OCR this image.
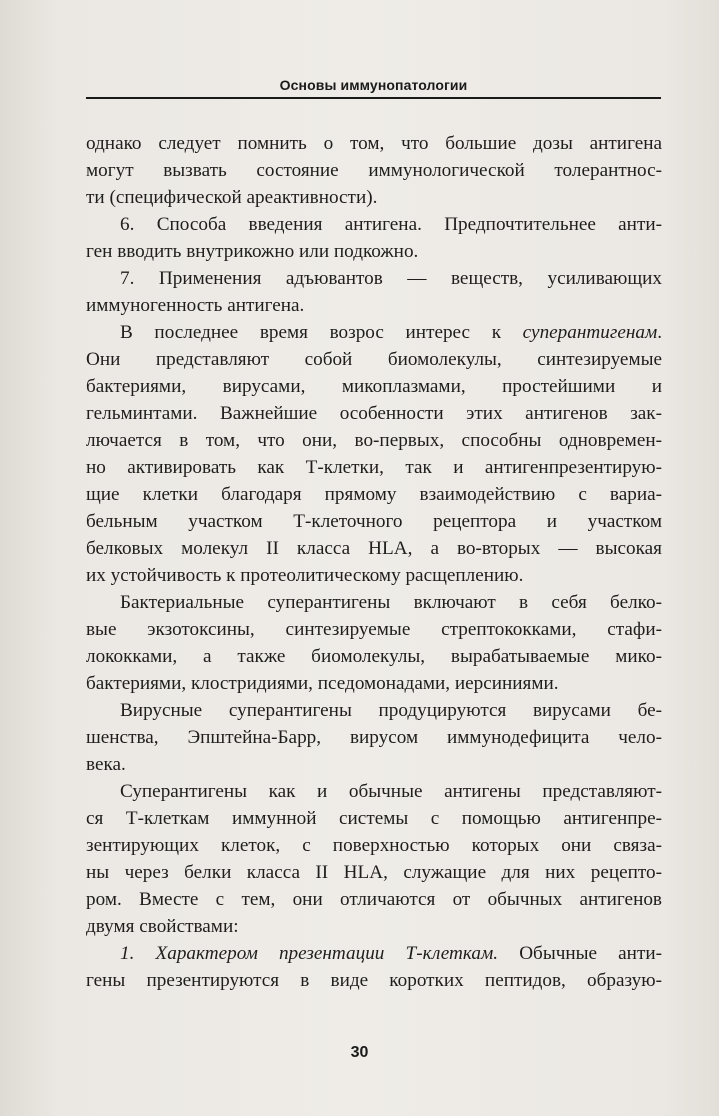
Основы иммунопатологии
однако следует помнить о том, что большие дозы антигена
могут вызвать состояние иммунологической толерантнос-
ти (специфической ареактивности).
6. Способа введения антигена. Предпочтительнее анти-
ген вводить внутрикожно или подкожно.
7. Применения адъювантов — веществ, усиливающих
иммуногенность антигена.
В последнее время возрос интерес к суперантигенам.
Они представляют собой биомолекулы, синтезируемые
бактериями, вирусами, микоплазмами, простейшими и
гельминтами. Важнейшие особенности этих антигенов зак-
лючается в том, что они, во-первых, способны одновремен-
но активировать как Т-клетки, так и антигенпрезентирую-
щие клетки благодаря прямому взаимодействию с вариа-
бельным участком Т-клеточного рецептора и участком
белковых молекул II класса HLA, а во-вторых — высокая
их устойчивость к протеолитическому расщеплению.
Бактериальные суперантигены включают в себя белко-
вые экзотоксины, синтезируемые стрептококками, стафи-
лококками, а также биомолекулы, вырабатываемые мико-
бактериями, клостридиями, пседомонадами, иерсиниями.
Вирусные суперантигены продуцируются вирусами бе-
шенства, Эпштейна-Барр, вирусом иммунодефицита чело-
века.
Суперантигены как и обычные антигены представляют-
ся Т-клеткам иммунной системы с помощью антигенпре-
зентирующих клеток, с поверхностью которых они связа-
ны через белки класса II HLA, служащие для них рецепто-
ром. Вместе с тем, они отличаются от обычных антигенов
двумя свойствами:
1. Характером презентации Т-клеткам. Обычные анти-
гены презентируются в виде коротких пептидов, образую-
30
